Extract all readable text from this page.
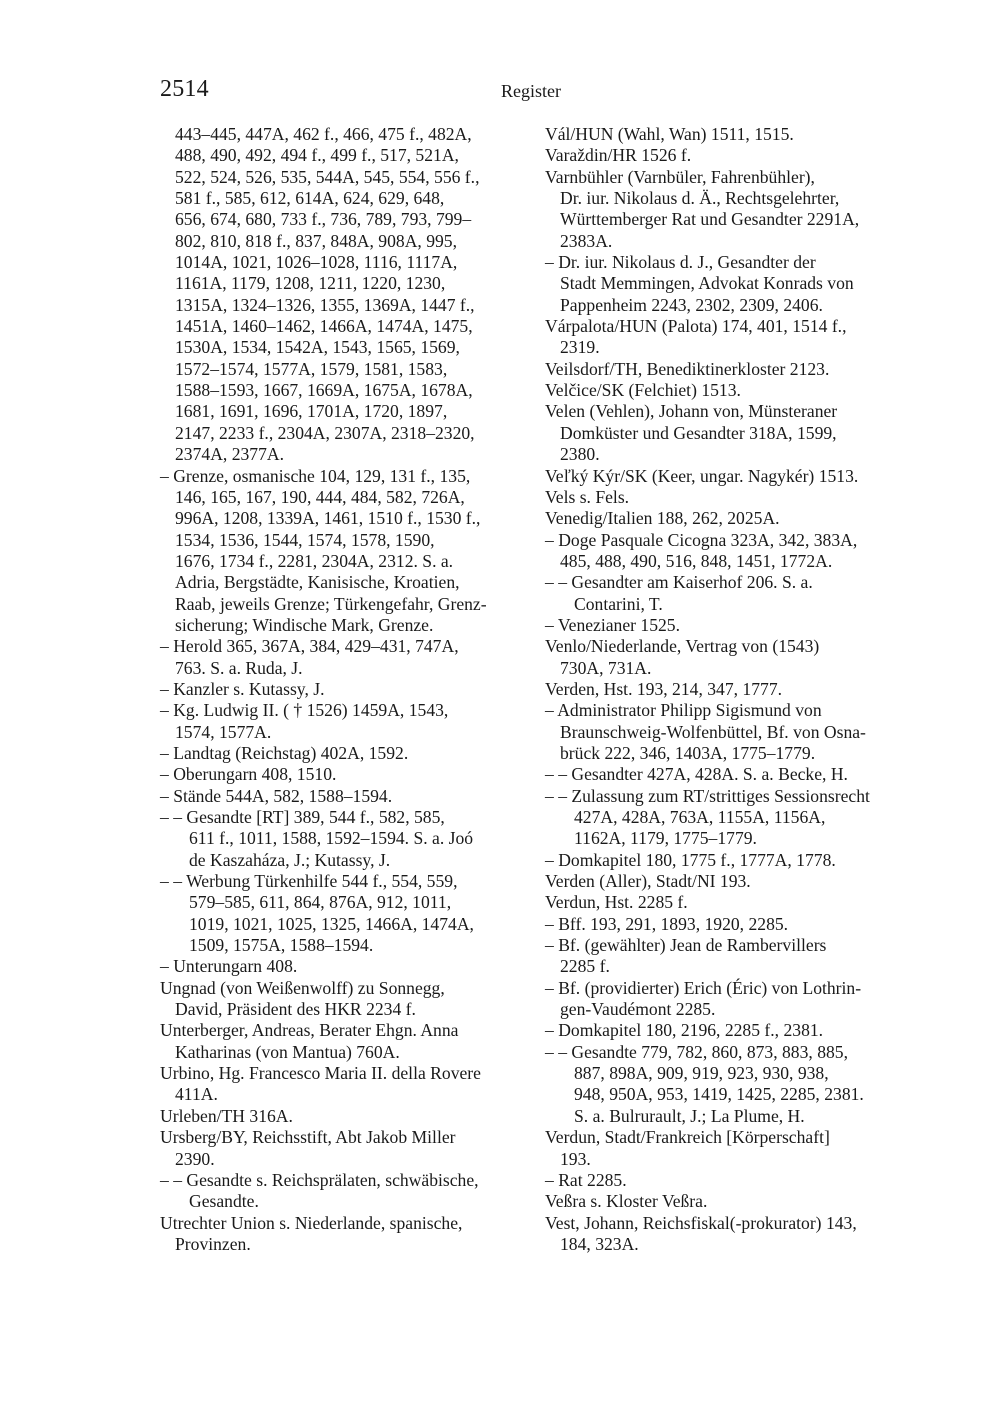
2514	Register
443–445, 447A, 462 f., 466, 475 f., 482A,
488, 490, 492, 494 f., 499 f., 517, 521A,
522, 524, 526, 535, 544A, 545, 554, 556 f.,
581 f., 585, 612, 614A, 624, 629, 648,
656, 674, 680, 733 f., 736, 789, 793, 799–
802, 810, 818 f., 837, 848A, 908A, 995,
1014A, 1021, 1026–1028, 1116, 1117A,
1161A, 1179, 1208, 1211, 1220, 1230,
1315A, 1324–1326, 1355, 1369A, 1447 f.,
1451A, 1460–1462, 1466A, 1474A, 1475,
1530A, 1534, 1542A, 1543, 1565, 1569,
1572–1574, 1577A, 1579, 1581, 1583,
1588–1593, 1667, 1669A, 1675A, 1678A,
1681, 1691, 1696, 1701A, 1720, 1897,
2147, 2233 f., 2304A, 2307A, 2318–2320,
2374A, 2377A.
– Grenze, osmanische 104, 129, 131 f., 135,
146, 165, 167, 190, 444, 484, 582, 726A,
996A, 1208, 1339A, 1461, 1510 f., 1530 f.,
1534, 1536, 1544, 1574, 1578, 1590,
1676, 1734 f., 2281, 2304A, 2312. S. a.
Adria, Bergstädte, Kanisische, Kroatien,
Raab, jeweils Grenze; Türkengefahr, Grenz-
sicherung; Windische Mark, Grenze.
– Herold 365, 367A, 384, 429–431, 747A,
763. S. a. Ruda, J.
– Kanzler s. Kutassy, J.
– Kg. Ludwig II. ( † 1526) 1459A, 1543,
1574, 1577A.
– Landtag (Reichstag) 402A, 1592.
– Oberungarn 408, 1510.
– Stände 544A, 582, 1588–1594.
– – Gesandte [RT] 389, 544 f., 582, 585,
611 f., 1011, 1588, 1592–1594. S. a. Joó
de Kaszaháza, J.; Kutassy, J.
– – Werbung Türkenhilfe 544 f., 554, 559,
579–585, 611, 864, 876A, 912, 1011,
1019, 1021, 1025, 1325, 1466A, 1474A,
1509, 1575A, 1588–1594.
– Unterungarn 408.
Ungnad (von Weißenwolff) zu Sonnegg,
David, Präsident des HKR 2234 f.
Unterberger, Andreas, Berater Ehgn. Anna
Katharinas (von Mantua) 760A.
Urbino, Hg. Francesco Maria II. della Rovere
411A.
Urleben/TH 316A.
Ursberg/BY, Reichsstift, Abt Jakob Miller
2390.
– – Gesandte s. Reichsprälaten, schwäbische,
Gesandte.
Utrechter Union s. Niederlande, spanische,
Provinzen.
Vál/HUN (Wahl, Wan) 1511, 1515.
Varaždin/HR 1526 f.
Varnbühler (Varnbüler, Fahrenbühler),
Dr. iur. Nikolaus d. Ä., Rechtsgelehrter,
Württemberger Rat und Gesandter 2291A,
2383A.
– Dr. iur. Nikolaus d. J., Gesandter der
Stadt Memmingen, Advokat Konrads von
Pappenheim 2243, 2302, 2309, 2406.
Várpalota/HUN (Palota) 174, 401, 1514 f.,
2319.
Veilsdorf/TH, Benediktinerkloster 2123.
Velčice/SK (Felchiet) 1513.
Velen (Vehlen), Johann von, Münsteraner
Domküster und Gesandter 318A, 1599,
2380.
Veľký Kýr/SK (Keer, ungar. Nagykér) 1513.
Vels s. Fels.
Venedig/Italien 188, 262, 2025A.
– Doge Pasquale Cicogna 323A, 342, 383A,
485, 488, 490, 516, 848, 1451, 1772A.
– – Gesandter am Kaiserhof 206. S. a.
Contarini, T.
– Venezianer 1525.
Venlo/Niederlande, Vertrag von (1543)
730A, 731A.
Verden, Hst. 193, 214, 347, 1777.
– Administrator Philipp Sigismund von
Braunschweig-Wolfenbüttel, Bf. von Osna-
brück 222, 346, 1403A, 1775–1779.
– – Gesandter 427A, 428A. S. a. Becke, H.
– – Zulassung zum RT/strittiges Sessionsrecht
427A, 428A, 763A, 1155A, 1156A,
1162A, 1179, 1775–1779.
– Domkapitel 180, 1775 f., 1777A, 1778.
Verden (Aller), Stadt/NI 193.
Verdun, Hst. 2285 f.
– Bff. 193, 291, 1893, 1920, 2285.
– Bf. (gewählter) Jean de Rambervillers
2285 f.
– Bf. (providierter) Erich (Éric) von Lothrin-
gen-Vaudémont 2285.
– Domkapitel 180, 2196, 2285 f., 2381.
– – Gesandte 779, 782, 860, 873, 883, 885,
887, 898A, 909, 919, 923, 930, 938,
948, 950A, 953, 1419, 1425, 2285, 2381.
S. a. Bulrurault, J.; La Plume, H.
Verdun, Stadt/Frankreich [Körperschaft]
193.
– Rat 2285.
Veßra s. Kloster Veßra.
Vest, Johann, Reichsfiskal(-prokurator) 143,
184, 323A.
